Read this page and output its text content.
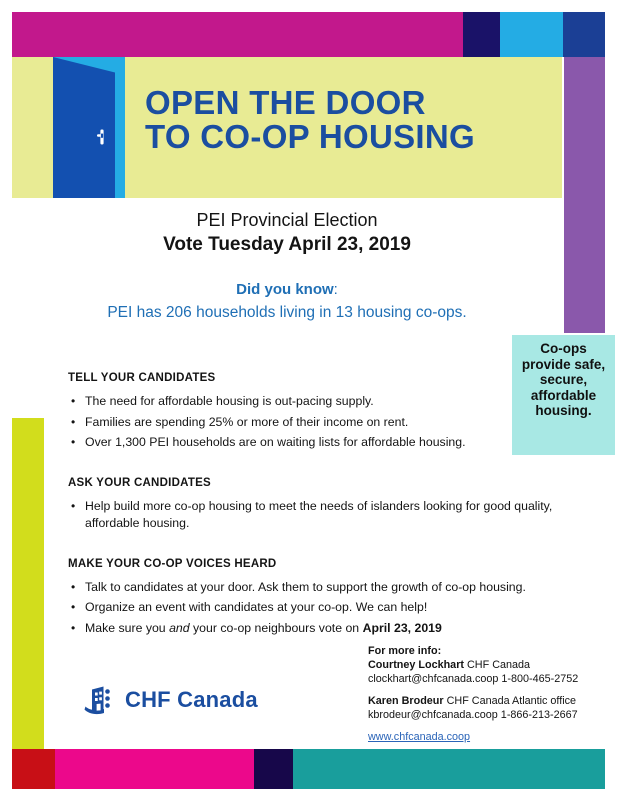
OPEN THE DOOR
TO CO-OP HOUSING
PEI Provincial Election
Vote Tuesday April 23, 2019
Did you know:
PEI has 206 households living in 13 housing co-ops.
Co-ops provide safe, secure, affordable housing.
TELL YOUR CANDIDATES
• The need for affordable housing is out-pacing supply.
• Families are spending 25% or more of their income on rent.
• Over 1,300 PEI households are on waiting lists for affordable housing.
ASK YOUR CANDIDATES
• Help build more co-op housing to meet the needs of islanders looking for good quality, affordable housing.
MAKE YOUR CO-OP VOICES HEARD
• Talk to candidates at your door. Ask them to support the growth of co-op housing.
• Organize an event with candidates at your co-op. We can help!
• Make sure you and your co-op neighbours vote on April 23, 2019
For more info:
Courtney Lockhart CHF Canada
clockhart@chfcanada.coop 1-800-465-2752
Karen Brodeur CHF Canada Atlantic office
kbrodeur@chfcanada.coop 1-866-213-2667
www.chfcanada.coop
CHF Canada
